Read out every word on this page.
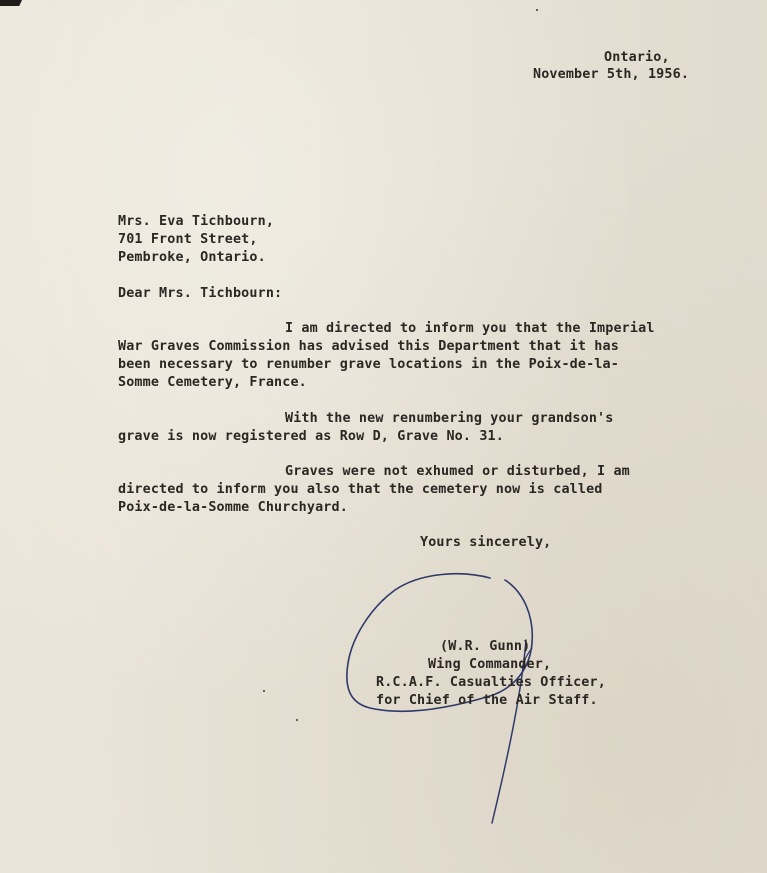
Ontario,
November 5th, 1956.
Mrs. Eva Tichbourn,
701 Front Street,
Pembroke, Ontario.
Dear Mrs. Tichbourn:
I am directed to inform you that the Imperial
War Graves Commission has advised this Department that it has
been necessary to renumber grave locations in the Poix-de-la-
Somme Cemetery, France.
With the new renumbering your grandson's
grave is now registered as Row D, Grave No. 31.
Graves were not exhumed or disturbed, I am
directed to inform you also that the cemetery now is called
Poix-de-la-Somme Churchyard.
Yours sincerely,
(W.R. Gunn)
Wing Commander,
R.C.A.F. Casualties Officer,
for Chief of the Air Staff.
